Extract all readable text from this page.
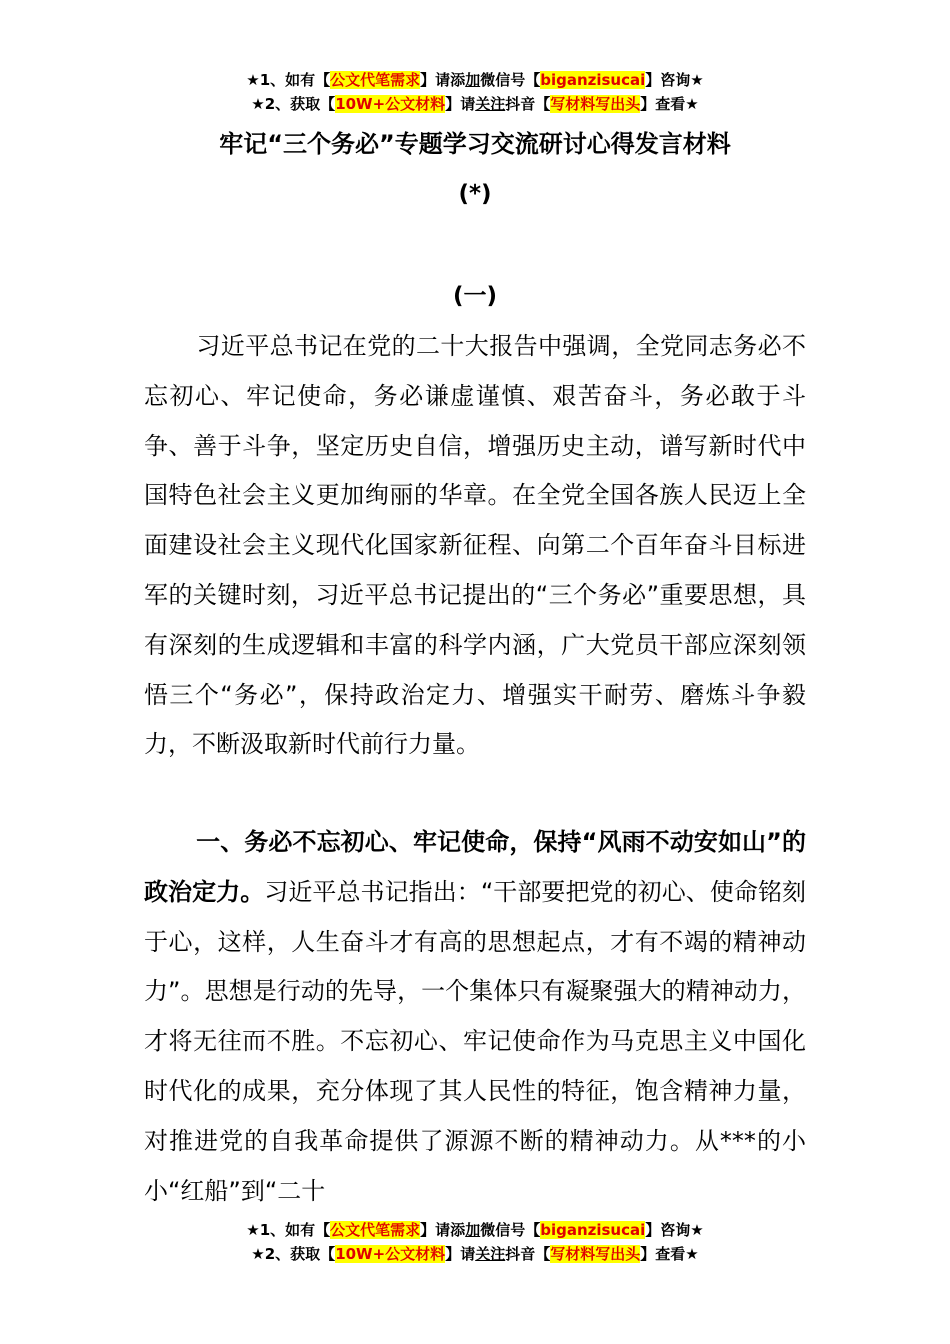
★1、如有【公文代笔需求】请添加微信号【biganzisucai】咨询★
★2、获取【10W+公文材料】请关注抖音【写材料写出头】查看★
牢记“三个务必”专题学习交流研讨心得发言材料
(*)
(一)
习近平总书记在党的二十大报告中强调，全党同志务必不忘初心、牢记使命，务必谦虚谨慎、艰苦奋斗，务必敢于斗争、善于斗争，坚定历史自信，增强历史主动，谱写新时代中国特色社会主义更加绚丽的华章。在全党全国各族人民迈上全面建设社会主义现代化国家新征程、向第二个百年奋斗目标进军的关键时刻，习近平总书记提出的“三个务必”重要思想，具有深刻的生成逻辑和丰富的科学内涵，广大党员干部应深刻领悟三个“务必”，保持政治定力、增强实干耐劳、磨炼斗争毅力，不断汲取新时代前行力量。
一、务必不忘初心、牢记使命，保持“风雨不动安如山”的政治定力。习近平总书记指出：“干部要把党的初心、使命铭刻于心，这样，人生奋斗才有高的思想起点，才有不竭的精神动力”。思想是行动的先导，一个集体只有凝聚强大的精神动力，才将无往而不胜。不忘初心、牢记使命作为马克思主义中国化时代化的成果，充分体现了其人民性的特征，饱含精神力量，对推进党的自我革命提供了源源不断的精神动力。从***的小小“红船”到“二十
★1、如有【公文代笔需求】请添加微信号【biganzisucai】咨询★
★2、获取【10W+公文材料】请关注抖音【写材料写出头】查看★
